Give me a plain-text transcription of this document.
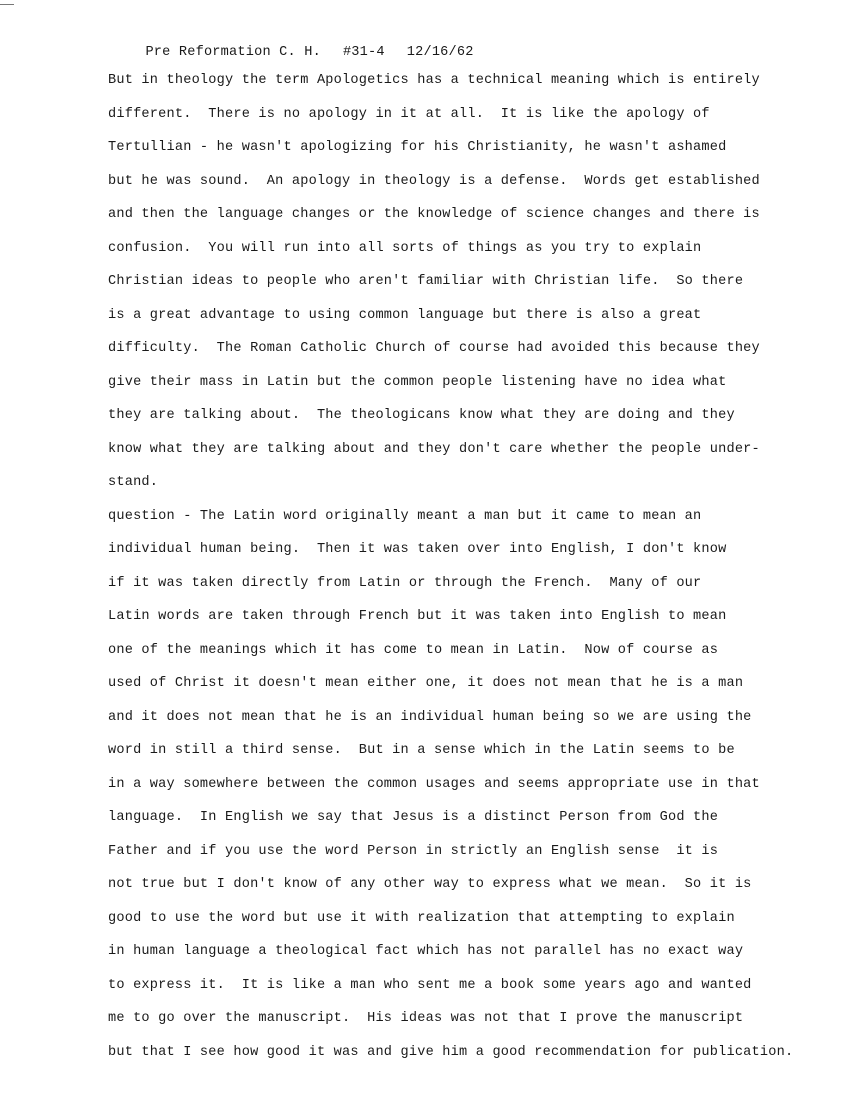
Pre Reformation C. H. #31-4 12/16/62

But in theology the term Apologetics has a technical meaning which is entirely
different.  There is no apology in it at all.  It is like the apology of
Tertullian - he wasn't apologizing for his Christianity, he wasn't ashamed
but he was sound.  An apology in theology is a defense.  Words get established
and then the language changes or the knowledge of science changes and there is
confusion.  You will run into all sorts of things as you try to explain
Christian ideas to people who aren't familiar with Christian life.  So there
is a great advantage to using common language but there is also a great
difficulty.  The Roman Catholic Church of course had avoided this because they
give their mass in Latin but the common people listening have no idea what
they are talking about.  The theologicans know what they are doing and they
know what they are talking about and they don't care whether the people under-
stand.
question - The Latin word originally meant a man but it came to mean an
individual human being.  Then it was taken over into English, I don't know
if it was taken directly from Latin or through the French.  Many of our
Latin words are taken through French but it was taken into English to mean
one of the meanings which it has come to mean in Latin.  Now of course as
used of Christ it doesn't mean either one, it does not mean that he is a man
and it does not mean that he is an individual human being so we are using the
word in still a third sense.  But in a sense which in the Latin seems to be
in a way somewhere between the common usages and seems appropriate use in that
language.  In English we say that Jesus is a distinct Person from God the
Father and if you use the word Person in strictly an English sense  it is
not true but I don't know of any other way to express what we mean.  So it is
good to use the word but use it with realization that attempting to explain
in human language a theological fact which has not parallel has no exact way
to express it.  It is like a man who sent me a book some years ago and wanted
me to go over the manuscript.  His ideas was not that I prove the manuscript
but that I see how good it was and give him a good recommendation for publication.
